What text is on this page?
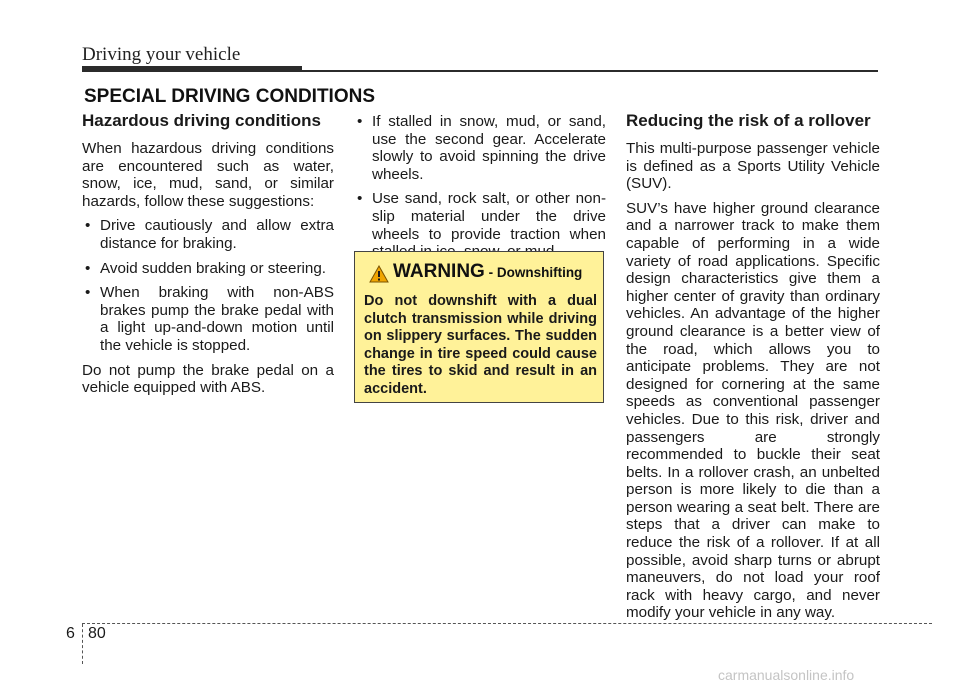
Driving your vehicle
SPECIAL DRIVING CONDITIONS
Hazardous driving conditions

When hazardous driving conditions are encountered such as water, snow, ice, mud, sand, or similar hazards, follow these suggestions:

• Drive cautiously and allow extra distance for braking.
• Avoid sudden braking or steering.
• When braking with non-ABS brakes pump the brake pedal with a light up-and-down motion until the vehicle is stopped.

Do not pump the brake pedal on a vehicle equipped with ABS.

• If stalled in snow, mud, or sand, use the second gear. Accelerate slowly to avoid spinning the drive wheels.
• Use sand, rock salt, or other non-slip material under the drive wheels to provide traction when
WARNING - Downshifting
Do not downshift with a dual clutch transmission while driving on slippery surfaces. The sudden change in tire speed could cause the tires to skid and result in an accident.
Reducing the risk of a rollover

This multi-purpose passenger vehicle is defined as a Sports Utility Vehicle (SUV).

SUV’s have higher ground clearance and a narrower track to make them capable of performing in a wide variety of road applications. Specific design characteristics give them a higher center of gravity than ordinary vehicles. An advantage of the higher ground clearance is a better view of the road, which allows you to anticipate problems. They are not designed for cornering at the same speeds as conventional passenger vehicles. Due to this risk, driver and passengers are strongly recommended to buckle their seat belts. In a rollover crash, an unbelted person is more likely to die than a person wearing a seat belt. There are steps that a driver can make to reduce the risk of a rollover. If at all possible, avoid sharp turns or abrupt maneuvers, do not load your roof rack with heavy cargo, and never modify your vehicle in any way.

6 80
carmanualsonline.info
